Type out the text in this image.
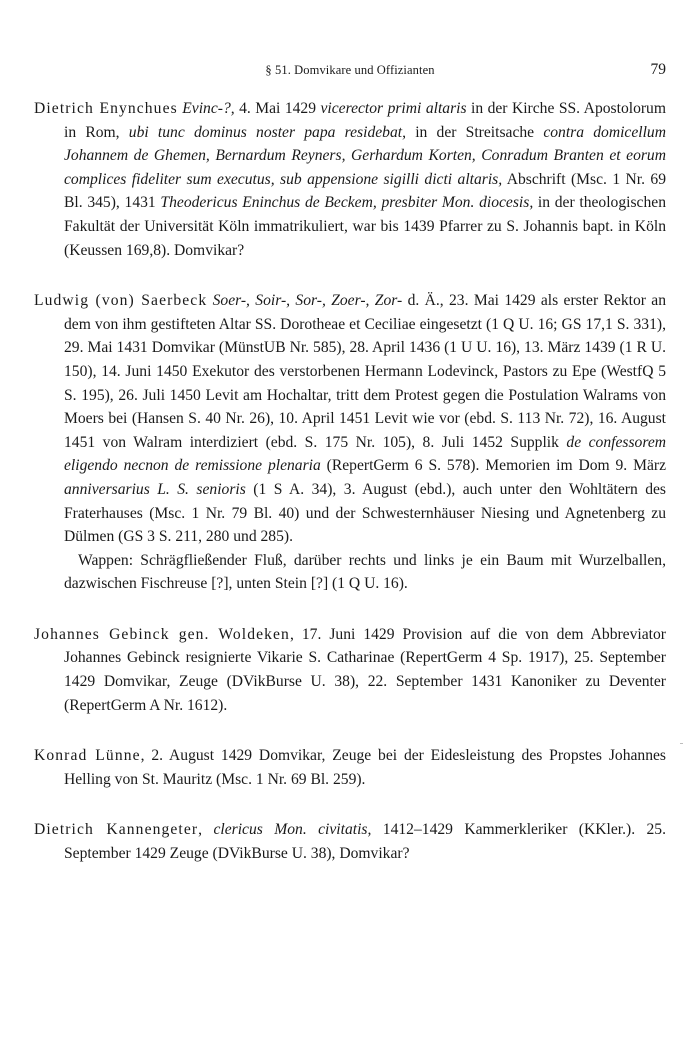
§ 51. Domvikare und Offizianten	79

Dietrich Enynchues Evinc-?, 4. Mai 1429 vicerector primi altaris in der Kirche SS. Apostolorum in Rom, ubi tunc dominus noster papa residebat, in der Streitsache contra domicellum Johannem de Ghemen, Bernardum Reyners, Gerhardum Korten, Conradum Branten et eorum complices fideliter sum executus, sub appensione sigilli dicti altaris, Abschrift (Msc. 1 Nr. 69 Bl. 345), 1431 Theodericus Eninchus de Beckem, presbiter Mon. diocesis, in der theologischen Fakultät der Universität Köln immatrikuliert, war bis 1439 Pfarrer zu S. Johannis bapt. in Köln (Keussen 169,8). Domvikar?

Ludwig (von) Saerbeck Soer-, Soir-, Sor-, Zoer-, Zor- d. Ä., 23. Mai 1429 als erster Rektor an dem von ihm gestifteten Altar SS. Dorotheae et Ceciliae eingesetzt (1 Q U. 16; GS 17,1 S. 331), 29. Mai 1431 Domvikar (MünstUB Nr. 585), 28. April 1436 (1 U U. 16), 13. März 1439 (1 R U. 150), 14. Juni 1450 Exekutor des verstorbenen Hermann Lodevinck, Pastors zu Epe (WestfQ 5 S. 195), 26. Juli 1450 Levit am Hochaltar, tritt dem Protest gegen die Postulation Walrams von Moers bei (Hansen S. 40 Nr. 26), 10. April 1451 Levit wie vor (ebd. S. 113 Nr. 72), 16. August 1451 von Walram interdiziert (ebd. S. 175 Nr. 105), 8. Juli 1452 Supplik de confessorem eligendo necnon de remissione plenaria (RepertGerm 6 S. 578). Memorien im Dom 9. März anniversarius L. S. senioris (1 S A. 34), 3. August (ebd.), auch unter den Wohltätern des Fraterhauses (Msc. 1 Nr. 79 Bl. 40) und der Schwesternhäuser Niesing und Agnetenberg zu Dülmen (GS 3 S. 211, 280 und 285).
Wappen: Schrägfließender Fluß, darüber rechts und links je ein Baum mit Wurzelballen, dazwischen Fischreuse [?], unten Stein [?] (1 Q U. 16).

Johannes Gebinck gen. Woldeken, 17. Juni 1429 Provision auf die von dem Abbreviator Johannes Gebinck resignierte Vikarie S. Catharinae (RepertGerm 4 Sp. 1917), 25. September 1429 Domvikar, Zeuge (DVikBurse U. 38), 22. September 1431 Kanoniker zu Deventer (RepertGerm A Nr. 1612).

Konrad Lünne, 2. August 1429 Domvikar, Zeuge bei der Eidesleistung des Propstes Johannes Helling von St. Mauritz (Msc. 1 Nr. 69 Bl. 259).

Dietrich Kannengeter, clericus Mon. civitatis, 1412–1429 Kammerkleriker (KKler.). 25. September 1429 Zeuge (DVikBurse U. 38), Domvikar?
